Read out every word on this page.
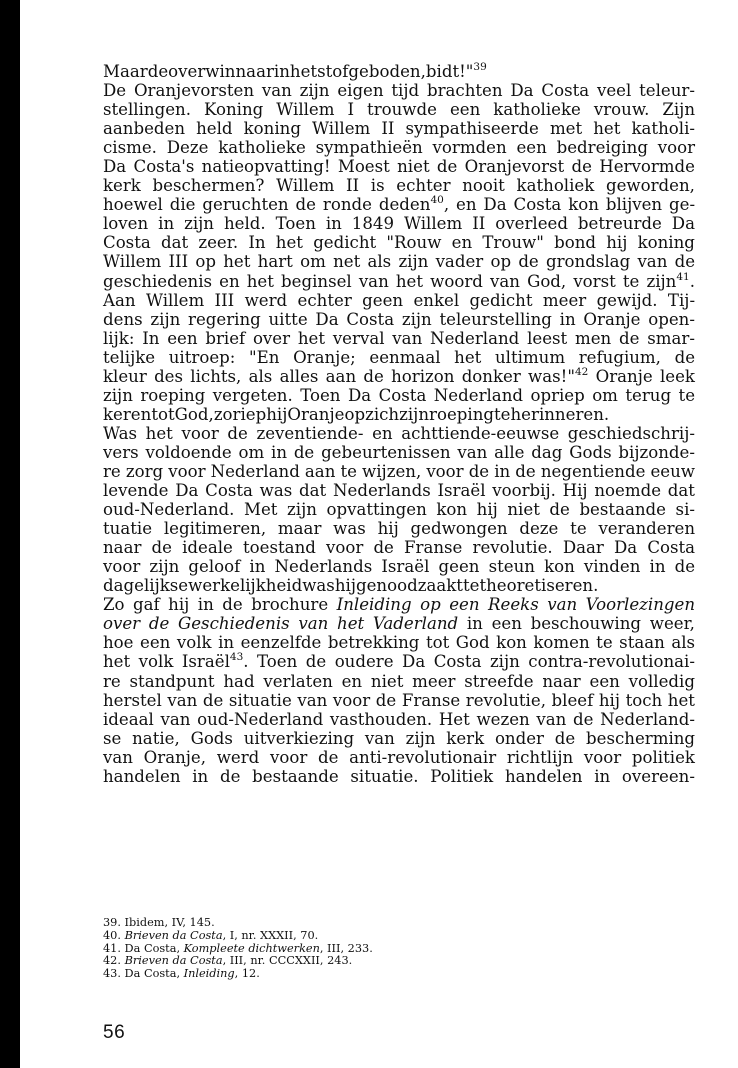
Maar de overwinnaar in het stof geboden, bidt!"$^{39}$
De Oranjevorsten van zijn eigen tijd brachten Da Costa veel teleur-
stellingen. Koning Willem I trouwde een katholieke vrouw. Zijn
aanbeden held koning Willem II sympathiseerde met het katholi-
cisme. Deze katholieke sympathieën vormden een bedreiging voor
Da Costa's natieopvatting! Moest niet de Oranjevorst de Hervormde
kerk beschermen? Willem II is echter nooit katholiek geworden,
hoewel die geruchten de ronde deden$^{40}$, en Da Costa kon blijven ge-
loven in zijn held. Toen in 1849 Willem II overleed betreurde Da
Costa dat zeer. In het gedicht "Rouw en Trouw" bond hij koning
Willem III op het hart om net als zijn vader op de grondslag van de
geschiedenis en het beginsel van het woord van God, vorst te zijn$^{41}$.
Aan Willem III werd echter geen enkel gedicht meer gewijd. Tij-
dens zijn regering uitte Da Costa zijn teleurstelling in Oranje open-
lijk: In een brief over het verval van Nederland leest men de smar-
telijke uitroep: "En Oranje; eenmaal het ultimum refugium, de
kleur des lichts, als alles aan de horizon donker was!"$^{42}$ Oranje leek
zijn roeping vergeten. Toen Da Costa Nederland opriep om terug te
keren tot God, zo riep hij Oranje op zich zijn roeping te herinneren.
Was het voor de zeventiende- en achttiende-eeuwse geschiedschrij-
vers voldoende om in de gebeurtenissen van alle dag Gods bijzonde-
re zorg voor Nederland aan te wijzen, voor de in de negentiende eeuw
levende Da Costa was dat Nederlands Israël voorbij. Hij noemde dat
oud-Nederland. Met zijn opvattingen kon hij niet de bestaande si-
tuatie legitimeren, maar was hij gedwongen deze te veranderen
naar de ideale toestand voor de Franse revolutie. Daar Da Costa
voor zijn geloof in Nederlands Israël geen steun kon vinden in de
dagelijkse werkelijkheid was hij genoodzaakt te theoretiseren.
Zo gaf hij in de brochure Inleiding op een Reeks van Voorlezingen
over de Geschiedenis van het Vaderland in een beschouwing weer,
hoe een volk in eenzelfde betrekking tot God kon komen te staan als
het volk Israël$^{43}$. Toen de oudere Da Costa zijn contra-revolutionai-
re standpunt had verlaten en niet meer streefde naar een volledig
herstel van de situatie van voor de Franse revolutie, bleef hij toch het
ideaal van oud-Nederland vasthouden. Het wezen van de Nederland-
se natie, Gods uitverkiezing van zijn kerk onder de bescherming
van Oranje, werd voor de anti-revolutionair richtlijn voor politiek
handelen in de bestaande situatie. Politiek handelen in overeen-
39. Ibidem, IV, 145.
40. Brieven da Costa, I, nr. XXXII, 70.
41. Da Costa, Kompleete dichtwerken, III, 233.
42. Brieven da Costa, III, nr. CCCXXII, 243.
43. Da Costa, Inleiding, 12.
56
